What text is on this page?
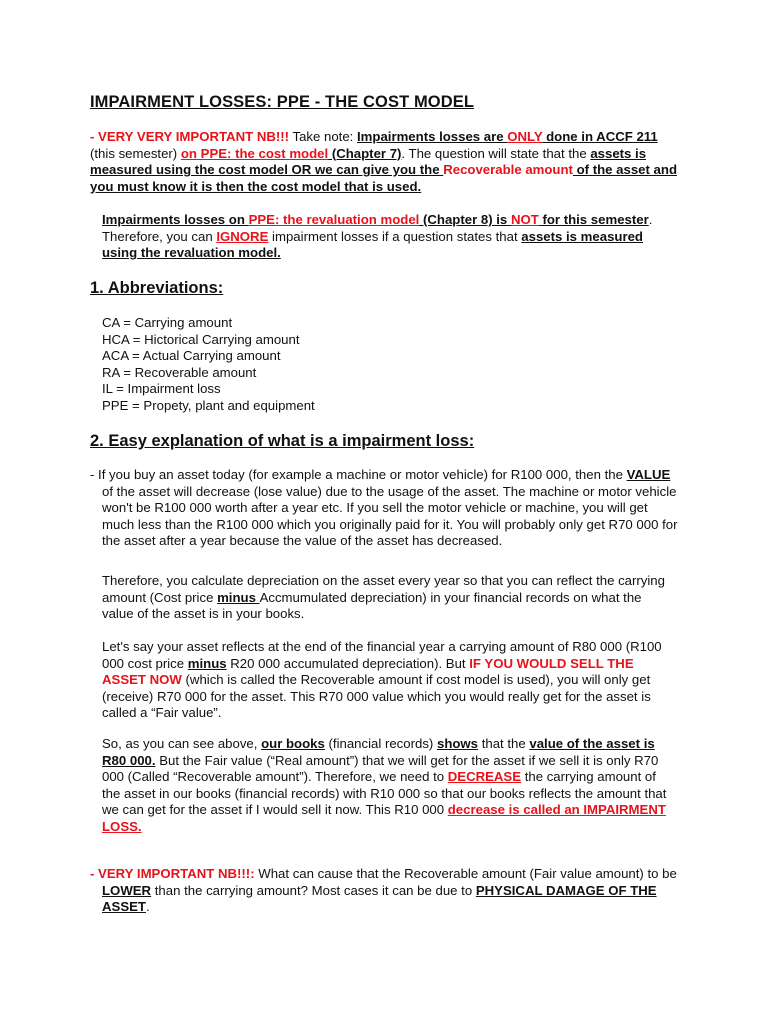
IMPAIRMENT LOSSES: PPE - THE COST MODEL

- VERY VERY IMPORTANT NB!!! Take note: Impairments losses are ONLY done in ACCF 211 (this semester) on PPE: the cost model (Chapter 7). The question will state that the assets is measured using the cost model OR we can give you the Recoverable amount of the asset and you must know it is then the cost model that is used.

Impairments losses on PPE: the revaluation model (Chapter 8) is NOT for this semester. Therefore, you can IGNORE impairment losses if a question states that assets is measured using the revaluation model.

1. Abbreviations:
CA = Carrying amount
HCA = Hictorical Carrying amount
ACA = Actual Carrying amount
RA = Recoverable amount
IL = Impairment loss
PPE = Propety, plant and equipment
2. Easy explanation of what is a impairment loss:

- If you buy an asset today (for example a machine or motor vehicle) for R100 000, then the VALUE of the asset will decrease (lose value) due to the usage of the asset. The machine or motor vehicle won't be R100 000 worth after a year etc. If you sell the motor vehicle or machine, you will get much less than the R100 000 which you originally paid for it. You will probably only get R70 000 for the asset after a year because the value of the asset has decreased.

Therefore, you calculate depreciation on the asset every year so that you can reflect the carrying amount (Cost price minus Accmumulated depreciation) in your financial records on what the value of the asset is in your books.

Let's say your asset reflects at the end of the financial year a carrying amount of R80 000 (R100 000 cost price minus R20 000 accumulated depreciation). But IF YOU WOULD SELL THE ASSET NOW (which is called the Recoverable amount if cost model is used), you will only get (receive) R70 000 for the asset. This R70 000 value which you would really get for the asset is called a “Fair value”.

So, as you can see above, our books (financial records) shows that the value of the asset is R80 000. But the Fair value (“Real amount”) that we will get for the asset if we sell it is only R70 000 (Called “Recoverable amount”). Therefore, we need to DECREASE the carrying amount of the asset in our books (financial records) with R10 000 so that our books reflects the amount that we can get for the asset if I would sell it now. This R10 000 decrease is called an IMPAIRMENT LOSS.

- VERY IMPORTANT NB!!!: What can cause that the Recoverable amount (Fair value amount) to be LOWER than the carrying amount? Most cases it can be due to PHYSICAL DAMAGE OF THE ASSET.
